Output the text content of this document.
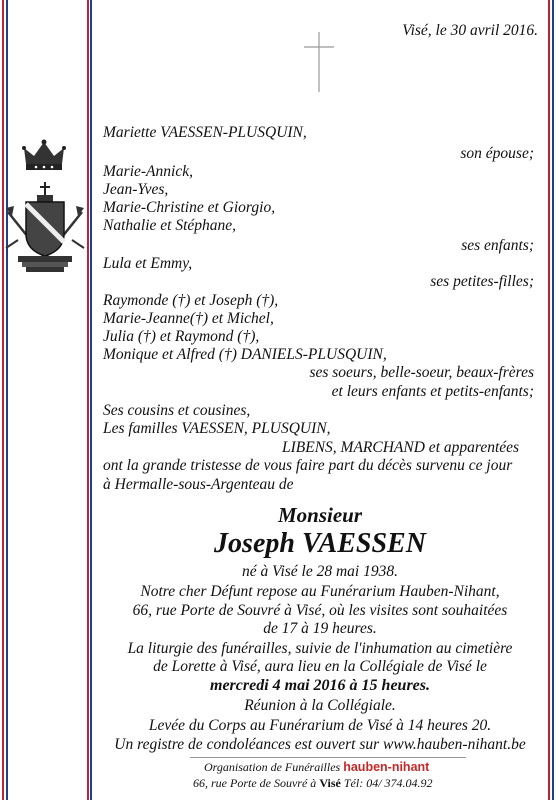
Visé, le 30 avril 2016.
Mariette VAESSEN-PLUSQUIN,
son épouse;
Marie-Annick,
Jean-Yves,
Marie-Christine et Giorgio,
Nathalie et Stéphane,
ses enfants;
Lula et Emmy,
ses petites-filles;
Raymonde (†) et Joseph (†),
Marie-Jeanne(†) et Michel,
Julia (†) et Raymond (†),
Monique et Alfred (†) DANIELS-PLUSQUIN,
ses soeurs, belle-soeur, beaux-frères
et leurs enfants et petits-enfants;
Ses cousins et cousines,
Les familles VAESSEN, PLUSQUIN,
LIBENS, MARCHAND et apparentées
ont la grande tristesse de vous faire part du décès survenu ce jour
à Hermalle-sous-Argenteau de
Monsieur
Joseph VAESSEN
né à Visé le 28 mai 1938.
Notre cher Défunt repose au Funérarium Hauben-Nihant,
66, rue Porte de Souvré à Visé, où les visites sont souhaitées
de 17 à 19 heures.
La liturgie des funérailles, suivie de l'inhumation au cimetière
de Lorette à Visé, aura lieu en la Collégiale de Visé le
mercredi 4 mai 2016 à 15 heures.
Réunion à la Collégiale.
Levée du Corps au Funérarium de Visé à 14 heures 20.
Un registre de condoléances est ouvert sur www.hauben-nihant.be
Organisation de Funérailles hauben-nihant
66, rue Porte de Souvré à Visé Tél: 04/ 374.04.92
